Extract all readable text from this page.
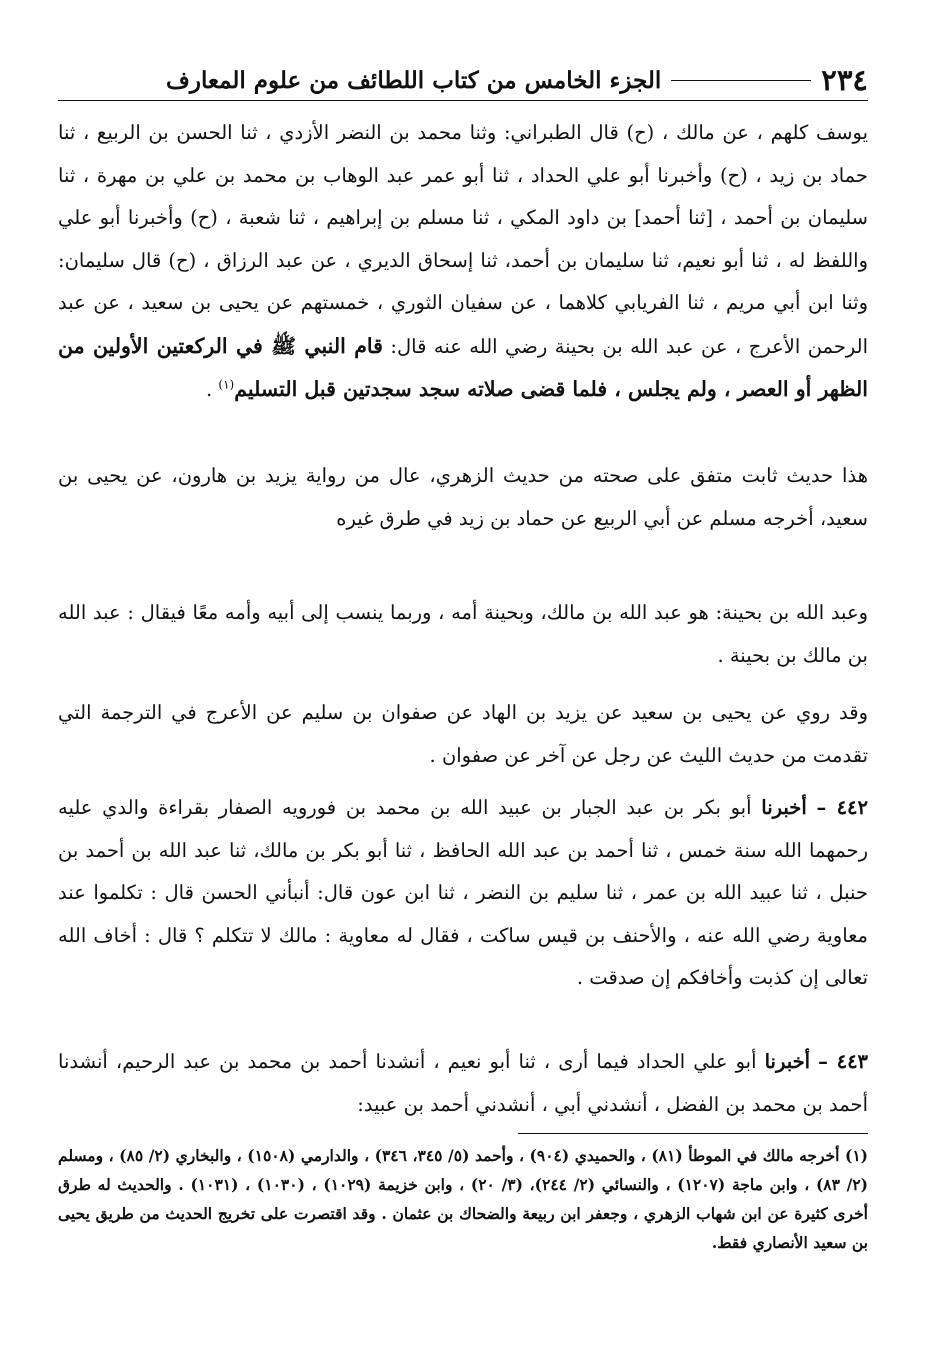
٢٣٤
الجزء الخامس من كتاب اللطائف من علوم المعارف

يوسف كلهم ، عن مالك ، (ح) قال الطبراني: وثنا محمد بن النضر الأزدي ، ثنا الحسن بن الربيع ، ثنا حماد بن زيد ، (ح) وأخبرنا أبو علي الحداد ، ثنا أبو عمر عبد الوهاب بن محمد بن علي بن مهرة ، ثنا سليمان بن أحمد ، [ثنا أحمد] بن داود المكي ، ثنا مسلم بن إبراهيم ، ثنا شعبة ، (ح) وأخبرنا أبو علي واللفظ له ، ثنا أبو نعيم، ثنا سليمان بن أحمد، ثنا إسحاق الديري ، عن عبد الرزاق ، (ح) قال سليمان: وثنا ابن أبي مريم ، ثنا الفريابي كلاهما ، عن سفيان الثوري ، خمستهم عن يحيى بن سعيد ، عن عبد الرحمن الأعرج ، عن عبد الله بن بحينة رضي الله عنه قال: قام النبي ﷺ في الركعتين الأولين من الظهر أو العصر ، ولم يجلس ، فلما قضى صلاته سجد سجدتين قبل التسليم$^{(١)}$ .

هذا حديث ثابت متفق على صحته من حديث الزهري، عال من رواية يزيد بن هارون، عن يحيى بن سعيد، أخرجه مسلم عن أبي الربيع عن حماد بن زيد في طرق غيره

وعبد الله بن بحينة: هو عبد الله بن مالك، وبحينة أمه ، وربما ينسب إلى أبيه وأمه معًا فيقال : عبد الله بن مالك بن بحينة .

وقد روي عن يحيى بن سعيد عن يزيد بن الهاد عن صفوان بن سليم عن الأعرج في الترجمة التي تقدمت من حديث الليث عن رجل عن آخر عن صفوان .

٤٤٢ – أخبرنا أبو بكر بن عبد الجبار بن عبيد الله بن محمد بن فورويه الصفار بقراءة والدي عليه رحمهما الله سنة خمس ، ثنا أحمد بن عبد الله الحافظ ، ثنا أبو بكر بن مالك، ثنا عبد الله بن أحمد بن حنبل ، ثنا عبيد الله بن عمر ، ثنا سليم بن النضر ، ثنا ابن عون قال: أنبأني الحسن قال : تكلموا عند معاوية رضي الله عنه ، والأحنف بن قيس ساكت ، فقال له معاوية : مالك لا تتكلم ؟ قال : أخاف الله تعالى إن كذبت وأخافكم إن صدقت .

٤٤٣ – أخبرنا أبو علي الحداد فيما أرى ، ثنا أبو نعيم ، أنشدنا أحمد بن محمد بن عبد الرحيم، أنشدنا أحمد بن محمد بن الفضل ، أنشدني أبي ، أنشدني أحمد بن عبيد:

(١) أخرجه مالك في الموطأ (٨١) ، والحميدي (٩٠٤) ، وأحمد (٥/ ٣٤٥، ٣٤٦) ، والدارمي (١٥٠٨) ، والبخاري (٢/ ٨٥) ، ومسلم (٢/ ٨٣) ، وابن ماجة (١٢٠٧) ، والنسائي (٢/ ٢٤٤)، (٣/ ٢٠) ، وابن خزيمة (١٠٢٩) ، (١٠٣٠) ، (١٠٣١) . والحديث له طرق أخرى كثيرة عن ابن شهاب الزهري ، وجعفر ابن ربيعة والضحاك بن عثمان . وقد اقتصرت على تخريج الحديث من طريق يحيى بن سعيد الأنصاري فقط.
